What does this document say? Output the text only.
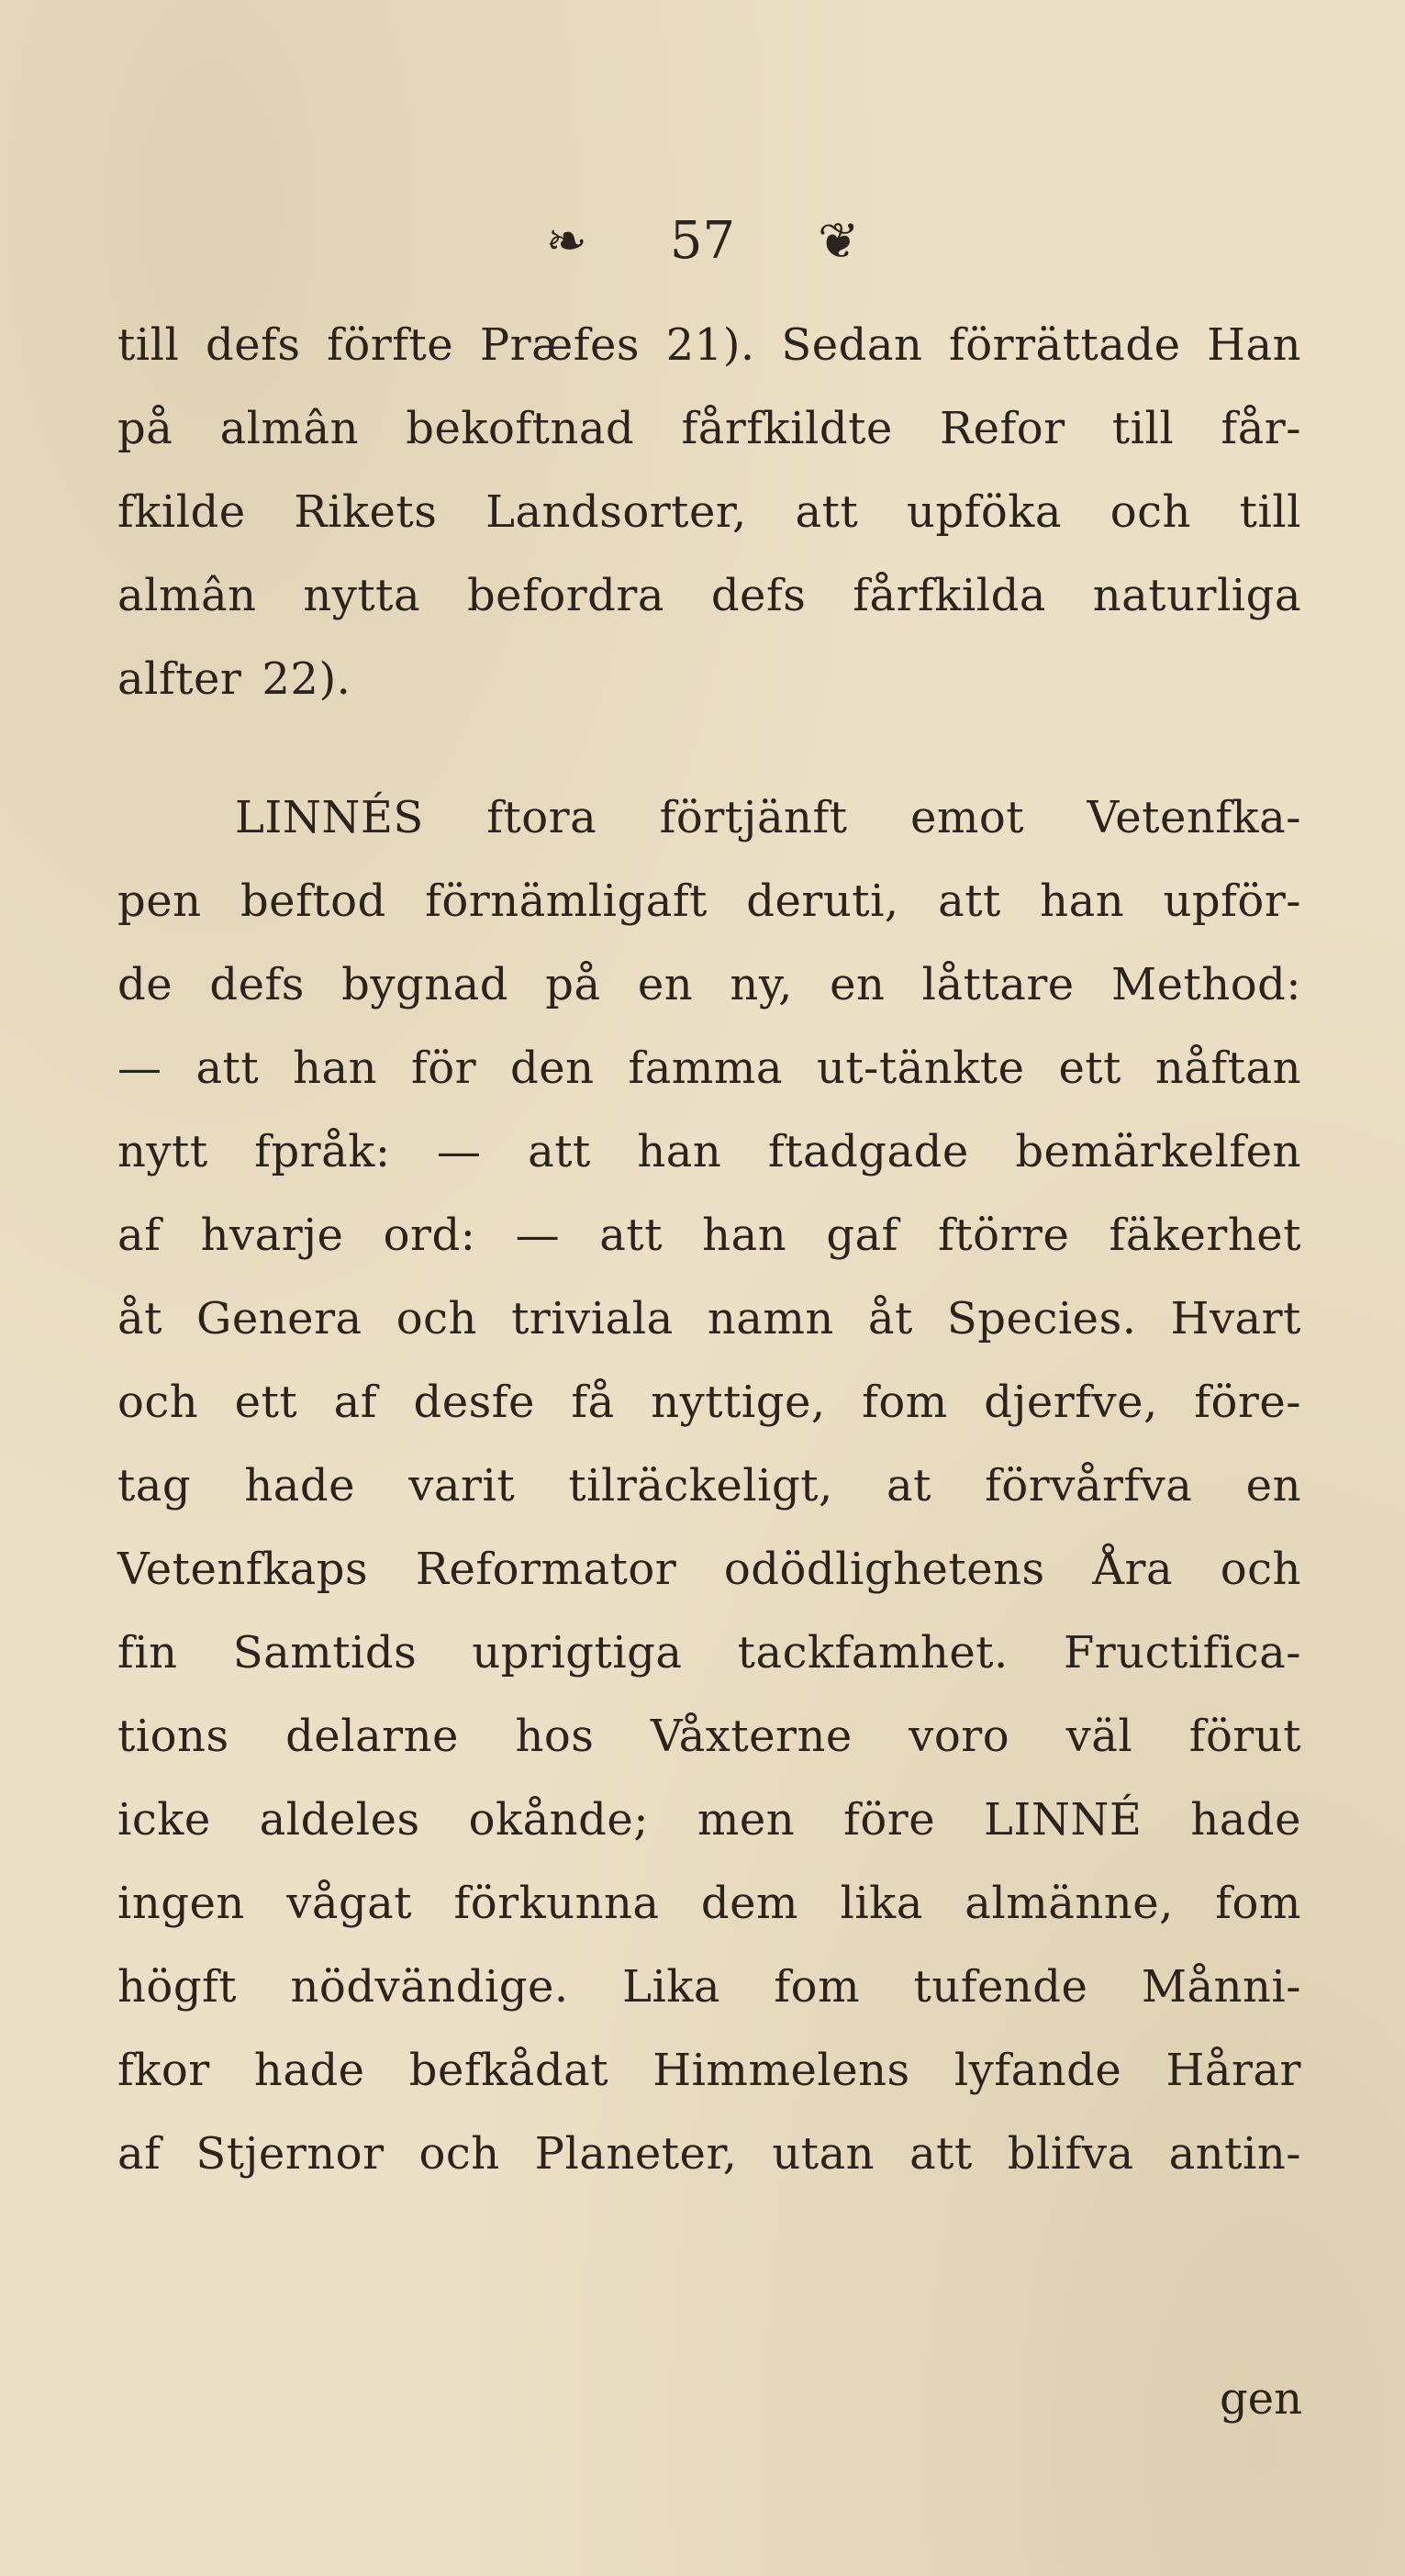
❧ 57 ❦
till defs förfte Præfes 21). Sedan förrättade Han
på almân bekoftnad fårfkildte Refor till får-
fkilde Rikets Landsorter, att upföka och till
almân nytta befordra defs fårfkilda naturliga
alfter 22).
LINNÉS ftora förtjänft emot Vetenfka-
pen beftod förnämligaft deruti, att han upför-
de defs bygnad på en ny, en låttare Method:
— att han för den famma ut-tänkte ett nåftan
nytt fpråk: — att han ftadgade bemärkelfen
af hvarje ord: — att han gaf ftörre fäkerhet
åt Genera och triviala namn åt Species. Hvart
och ett af desfe få nyttige, fom djerfve, före-
tag hade varit tilräckeligt, at förvårfva en
Vetenfkaps Reformator odödlighetens Åra och
fin Samtids uprigtiga tackfamhet. Fructifica-
tions delarne hos Våxterne voro väl förut
icke aldeles okånde; men före LINNÉ hade
ingen vågat förkunna dem lika almänne, fom
högft nödvändige. Lika fom tufende Månni-
fkor hade befkådat Himmelens lyfande Hårar
af Stjernor och Planeter, utan att blifva antin-
gen
